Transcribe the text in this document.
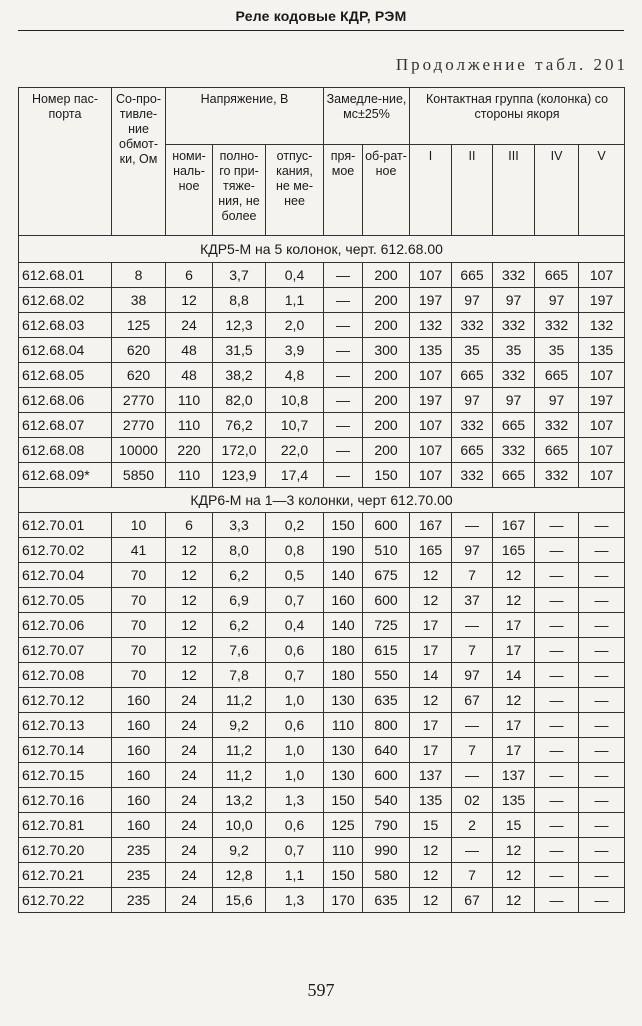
Реле кодовые КДР, РЭМ
Продолжение табл. 201
Номер пас-порта	Со-про-тивле-ние обмот-ки, Ом	Напряжение, В			Замедле-ние, мс±25%		Контактная группа (колонка) со стороны якоря				
		номи-наль-ное	полно-го при-тяже-ния, не более	отпус-кания, не ме-нее	пря-мое	об-рат-ное	I	II	III	IV	V
КДР5-М на 5 колонок, черт. 612.68.00											
612.68.01	8	6	3,7	0,4	—	200	107	665	332	665	107
612.68.02	38	12	8,8	1,1	—	200	197	97	97	97	197
612.68.03	125	24	12,3	2,0	—	200	132	332	332	332	132
612.68.04	620	48	31,5	3,9	—	300	135	35	35	35	135
612.68.05	620	48	38,2	4,8	—	200	107	665	332	665	107
612.68.06	2770	110	82,0	10,8	—	200	197	97	97	97	197
612.68.07	2770	110	76,2	10,7	—	200	107	332	665	332	107
612.68.08	10000	220	172,0	22,0	—	200	107	665	332	665	107
612.68.09*	5850	110	123,9	17,4	—	150	107	332	665	332	107
КДР6-М на 1—3 колонки, черт 612.70.00											
612.70.01	10	6	3,3	0,2	150	600	167	—	167	—	—
612.70.02	41	12	8,0	0,8	190	510	165	97	165	—	—
612.70.04	70	12	6,2	0,5	140	675	12	7	12	—	—
612.70.05	70	12	6,9	0,7	160	600	12	37	12	—	—
612.70.06	70	12	6,2	0,4	140	725	17	—	17	—	—
612.70.07	70	12	7,6	0,6	180	615	17	7	17	—	—
612.70.08	70	12	7,8	0,7	180	550	14	97	14	—	—
612.70.12	160	24	11,2	1,0	130	635	12	67	12	—	—
612.70.13	160	24	9,2	0,6	110	800	17	—	17	—	—
612.70.14	160	24	11,2	1,0	130	640	17	7	17	—	—
612.70.15	160	24	11,2	1,0	130	600	137	—	137	—	—
612.70.16	160	24	13,2	1,3	150	540	135	02	135	—	—
612.70.81	160	24	10,0	0,6	125	790	15	2	15	—	—
612.70.20	235	24	9,2	0,7	110	990	12	—	12	—	—
612.70.21	235	24	12,8	1,1	150	580	12	7	12	—	—
612.70.22	235	24	15,6	1,3	170	635	12	67	12	—	—
597
